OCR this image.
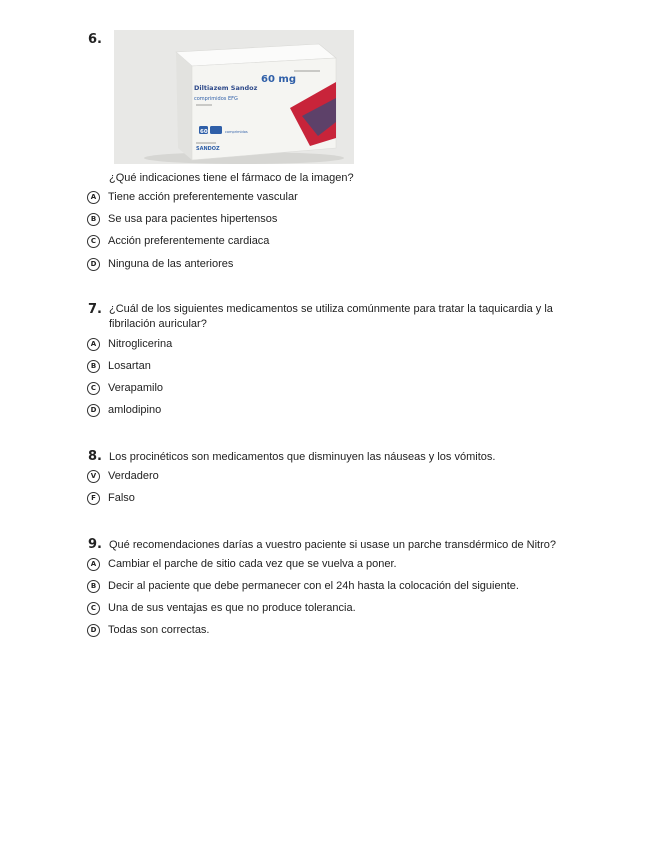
6.
Diltiazem Sandoz
60 mg
comprimidos EFG
60	comprimidos
SANDOZ
¿Qué indicaciones tiene el fármaco de la imagen?
A	Tiene acción preferentemente vascular
B	Se usa para pacientes hipertensos
C	Acción preferentemente cardiaca
D	Ninguna de las anteriores
7. ¿Cuál de los siguientes medicamentos se utiliza comúnmente para tratar la taquicardia y la
fibrilación auricular?
A	Nitroglicerina
B	Losartan
C	Verapamilo
D	amlodipino
8. Los procinéticos son medicamentos que disminuyen las náuseas y los vómitos.
V	Verdadero
F	Falso
9. Qué recomendaciones darías a vuestro paciente si usase un parche transdérmico de Nitro?
A	Cambiar el parche de sitio cada vez que se vuelva a poner.
B	Decir al paciente que debe permanecer con el 24h hasta la colocación del siguiente.
C	Una de sus ventajas es que no produce tolerancia.
D	Todas son correctas.
